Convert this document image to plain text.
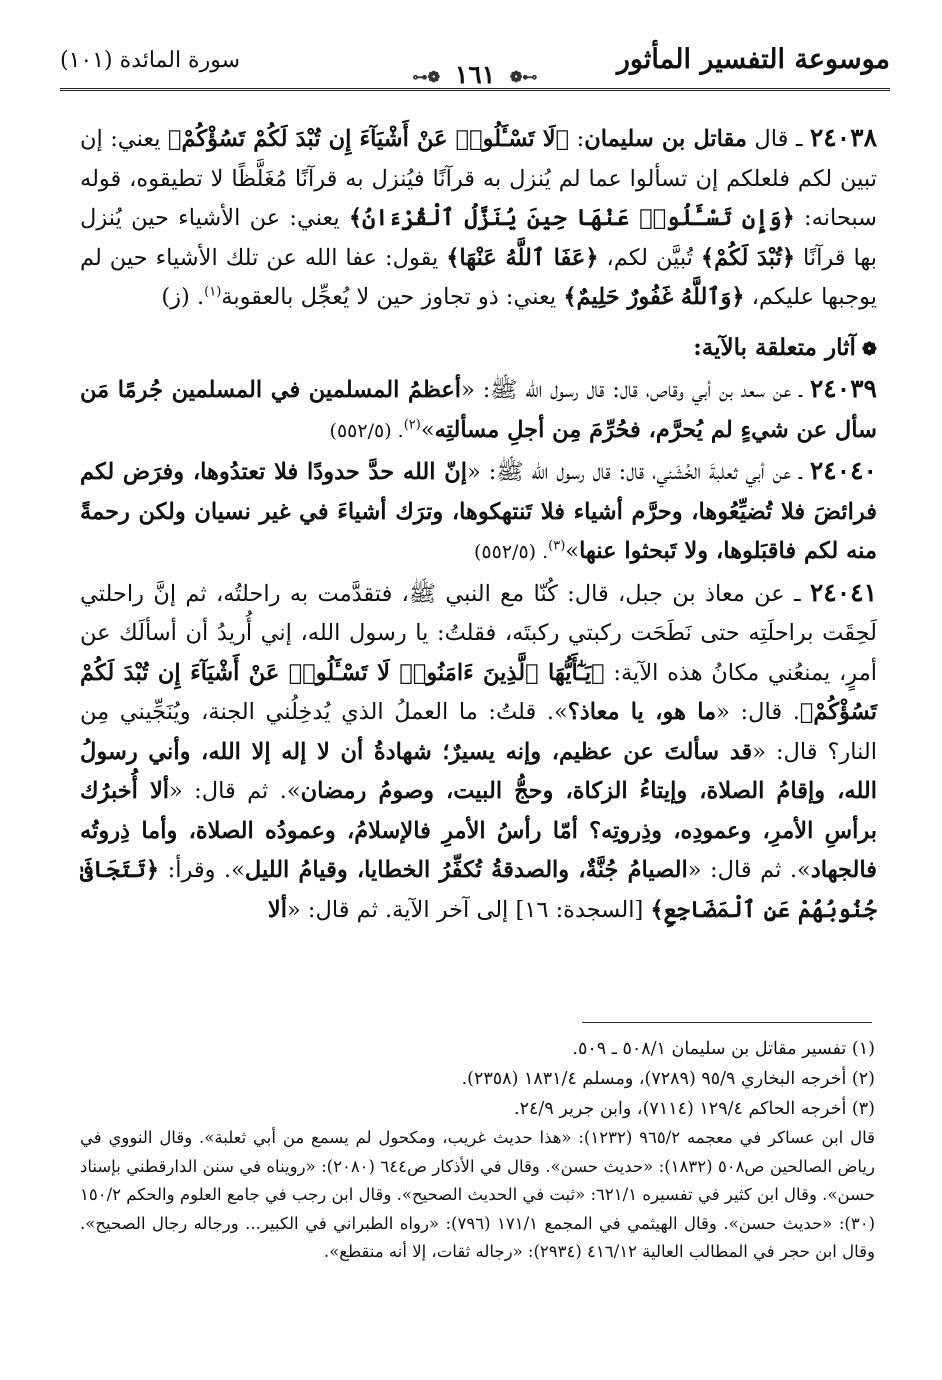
موسوعة التفسير المأثور
⊶❁ ١٦١ ❁⊷
سورة المائدة (١٠١)

٢٤٠٣٨ ـ قال مقاتل بن سليمان: ﴿لَا تَسْـَٔلُوا۟ عَنْ أَشْيَآءَ إِن تُبْدَ لَكُمْ تَسُؤْكُمْ﴾ يعني: إن تبين لكم فلعلكم إن تسألوا عما لم يُنزل به قرآنًا فيُنزل به قرآنًا مُغَلَّظًا لا تطيقوه، قوله سبحانه: ﴿وَإِن تَسْـَٔلُوا۟ عَنْهَا حِينَ يُنَزَّلُ ٱلْقُرْءَانُ﴾ يعني: عن الأشياء حين يُنزل بها قرآنًا ﴿تُبْدَ لَكُمْ﴾ تُبيَّن لكم، ﴿عَفَا ٱللَّهُ عَنْهَا﴾ يقول: عفا الله عن تلك الأشياء حين لم يوجبها عليكم، ﴿وَٱللَّهُ غَفُورٌ حَلِيمٌ﴾ يعني: ذو تجاوز حين لا يُعجِّل بالعقوبة$^{(١)}$. (ز)

❁آثار متعلقة بالآية:

٢٤٠٣٩ ـ عن سعد بن أبي وقاص، قال: قال رسول الله ﷺ: «أعظمُ المسلمين في المسلمين جُرمًا مَن سأل عن شيءٍ لم يُحرَّم، فحُرِّمَ مِن أجلِ مسألتِه»$^{(٢)}$. (٥٥٢/٥)

٢٤٠٤٠ ـ عن أبي ثعلبةَ الخُشَني، قال: قال رسول الله ﷺ: «إنّ الله حدَّ حدودًا فلا تعتدُوها، وفرَض لكم فرائضَ فلا تُضيِّعُوها، وحرَّم أشياء فلا تَنتهكوها، وترَك أشياءَ في غير نسيان ولكن رحمةً منه لكم فاقبَلوها، ولا تَبحثوا عنها»$^{(٣)}$. (٥٥٢/٥)

٢٤٠٤١ ـ عن معاذ بن جبل، قال: كُنّا مع النبي ﷺ، فتقدَّمت به راحلتُه، ثم إنَّ راحلتي لَحِقَت براحلَتِه حتى نَطَحَت ركبتي ركبتَه، فقلتُ: يا رسول الله، إني أُريدُ أن أسألَك عن أمرٍ، يمنعُني مكانُ هذه الآية: ﴿يَـٰٓأَيُّهَا ٱلَّذِينَ ءَامَنُوا۟ لَا تَسْـَٔلُوا۟ عَنْ أَشْيَآءَ إِن تُبْدَ لَكُمْ تَسُؤْكُمْ﴾. قال: «ما هو، يا معاذ؟». قلتُ: ما العملُ الذي يُدخِلُني الجنة، ويُنَجِّيني مِن النار؟ قال: «قد سألتَ عن عظيم، وإنه يسيرٌ؛ شهادةُ أن لا إله إلا الله، وأني رسولُ الله، وإقامُ الصلاة، وإيتاءُ الزكاة، وحجُّ البيت، وصومُ رمضان». ثم قال: «ألا أُخبرُك برأسِ الأمرِ، وعمودِه، وذِروتِه؟ أمّا رأسُ الأمرِ فالإسلامُ، وعمودُه الصلاة، وأما ذِروتُه فالجهاد». ثم قال: «الصيامُ جُنَّةٌ، والصدقةُ تُكفِّرُ الخطايا، وقيامُ الليل». وقرأ: ﴿تَتَجَافَىٰ جُنُوبُهُمْ عَنِ ٱلْمَضَاجِعِ﴾ [السجدة: ١٦] إلى آخر الآية. ثم قال: «ألا

(١) تفسير مقاتل بن سليمان ٥٠٨/١ ـ ٥٠٩.

(٢) أخرجه البخاري ٩٥/٩ (٧٢٨٩)، ومسلم ١٨٣١/٤ (٢٣٥٨).

(٣) أخرجه الحاكم ١٢٩/٤ (٧١١٤)، وابن جرير ٢٤/٩.

قال ابن عساكر في معجمه ٩٦٥/٢ (١٢٣٢): «هذا حديث غريب، ومكحول لم يسمع من أبي ثعلبة». وقال النووي في رياض الصالحين ص٥٠٨ (١٨٣٢): «حديث حسن». وقال في الأذكار ص٦٤٤ (٢٠٨٠): «رويناه في سنن الدارقطني بإسناد حسن». وقال ابن كثير في تفسيره ٦٢١/١: «ثبت في الحديث الصحيح». وقال ابن رجب في جامع العلوم والحكم ١٥٠/٢ (٣٠): «حديث حسن». وقال الهيثمي في المجمع ١٧١/١ (٧٩٦): «رواه الطبراني في الكبير... ورجاله رجال الصحيح». وقال ابن حجر في المطالب العالية ٤١٦/١٢ (٢٩٣٤): «رجاله ثقات، إلا أنه منقطع».
